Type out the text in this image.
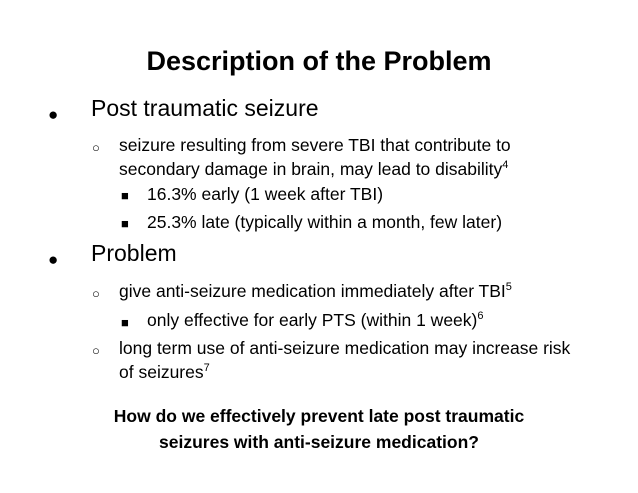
Description of the Problem
● Post traumatic seizure
○ seizure resulting from severe TBI that contribute to secondary damage in brain, may lead to disability$^4$
■ 16.3% early (1 week after TBI)
■ 25.3% late (typically within a month, few later)
● Problem
○ give anti-seizure medication immediately after TBI$^5$
■ only effective for early PTS (within 1 week)$^6$
○ long term use of anti-seizure medication may increase risk of seizures$^7$
How do we effectively prevent late post traumatic
seizures with anti-seizure medication?
